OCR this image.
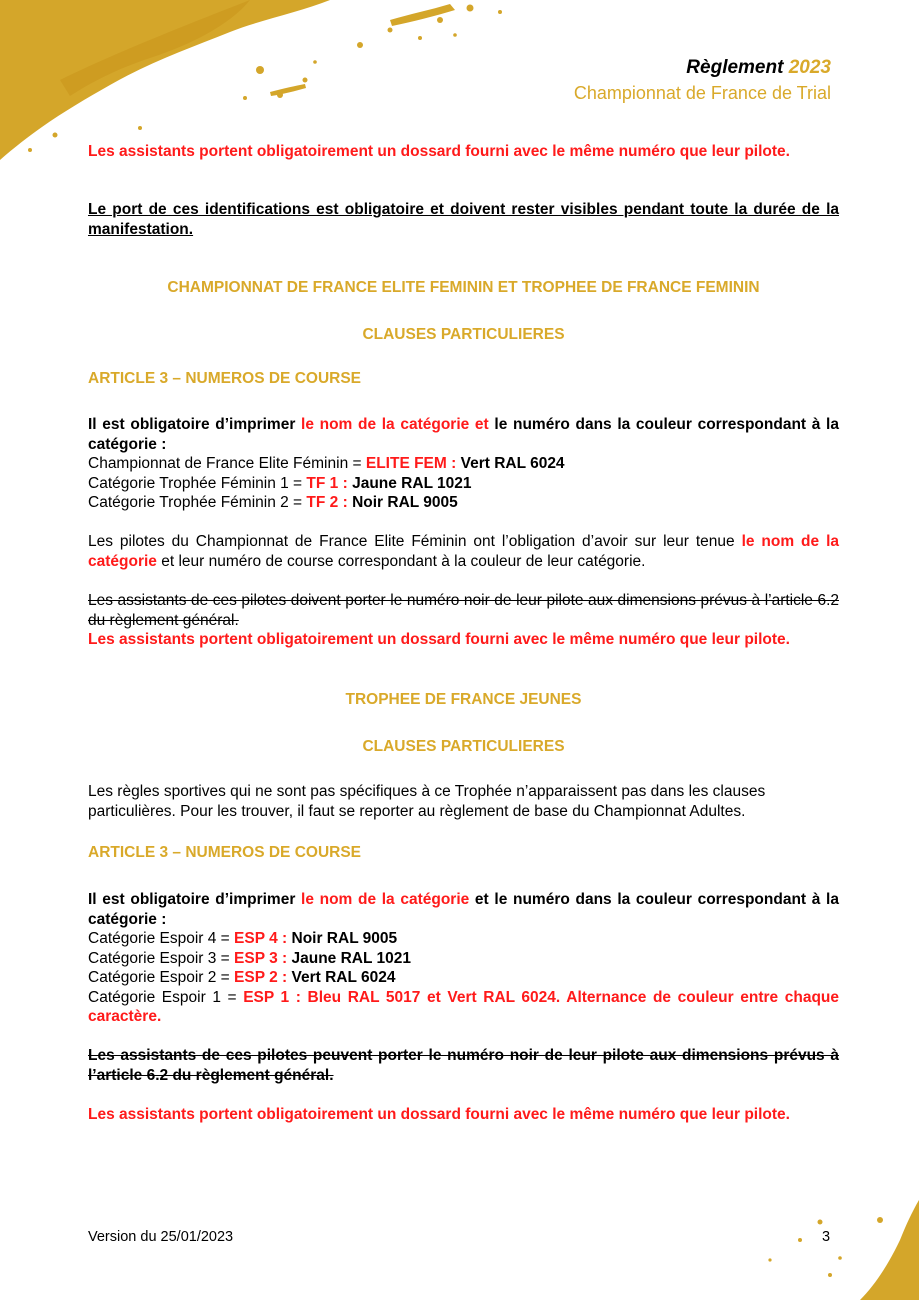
Règlement 2023
Championnat de France de Trial
Les assistants portent obligatoirement un dossard fourni avec le même numéro que leur pilote.
Le port de ces identifications est obligatoire et doivent rester visibles pendant toute la durée de la manifestation.
CHAMPIONNAT DE FRANCE ELITE FEMININ ET TROPHEE DE FRANCE FEMININ
CLAUSES PARTICULIERES
ARTICLE 3 – NUMEROS DE COURSE
Il est obligatoire d’imprimer le nom de la catégorie et le numéro dans la couleur correspondant à la catégorie :
Championnat de France Elite Féminin = ELITE FEM : Vert RAL 6024
Catégorie Trophée Féminin 1 = TF 1 : Jaune RAL 1021
Catégorie Trophée Féminin 2 = TF 2 : Noir RAL 9005
Les pilotes du Championnat de France Elite Féminin ont l’obligation d’avoir sur leur tenue le nom de la catégorie et leur numéro de course correspondant à la couleur de leur catégorie.
Les assistants de ces pilotes doivent porter le numéro noir de leur pilote aux dimensions prévus à l’article 6.2 du règlement général.
Les assistants portent obligatoirement un dossard fourni avec le même numéro que leur pilote.
TROPHEE DE FRANCE JEUNES
CLAUSES PARTICULIERES
Les règles sportives qui ne sont pas spécifiques à ce Trophée n’apparaissent pas dans les clauses particulières. Pour les trouver, il faut se reporter au règlement de base du Championnat Adultes.
ARTICLE 3 – NUMEROS DE COURSE
Il est obligatoire d’imprimer le nom de la catégorie et le numéro dans la couleur correspondant à la catégorie :
Catégorie Espoir 4 = ESP 4 : Noir RAL 9005
Catégorie Espoir 3 = ESP 3 : Jaune RAL 1021
Catégorie Espoir 2 = ESP 2 : Vert RAL 6024
Catégorie Espoir 1 = ESP 1 : Bleu RAL 5017 et Vert RAL 6024. Alternance de couleur entre chaque caractère.
Les assistants de ces pilotes peuvent porter le numéro noir de leur pilote aux dimensions prévus à l’article 6.2 du règlement général.
Les assistants portent obligatoirement un dossard fourni avec le même numéro que leur pilote.
Version du 25/01/2023	3
